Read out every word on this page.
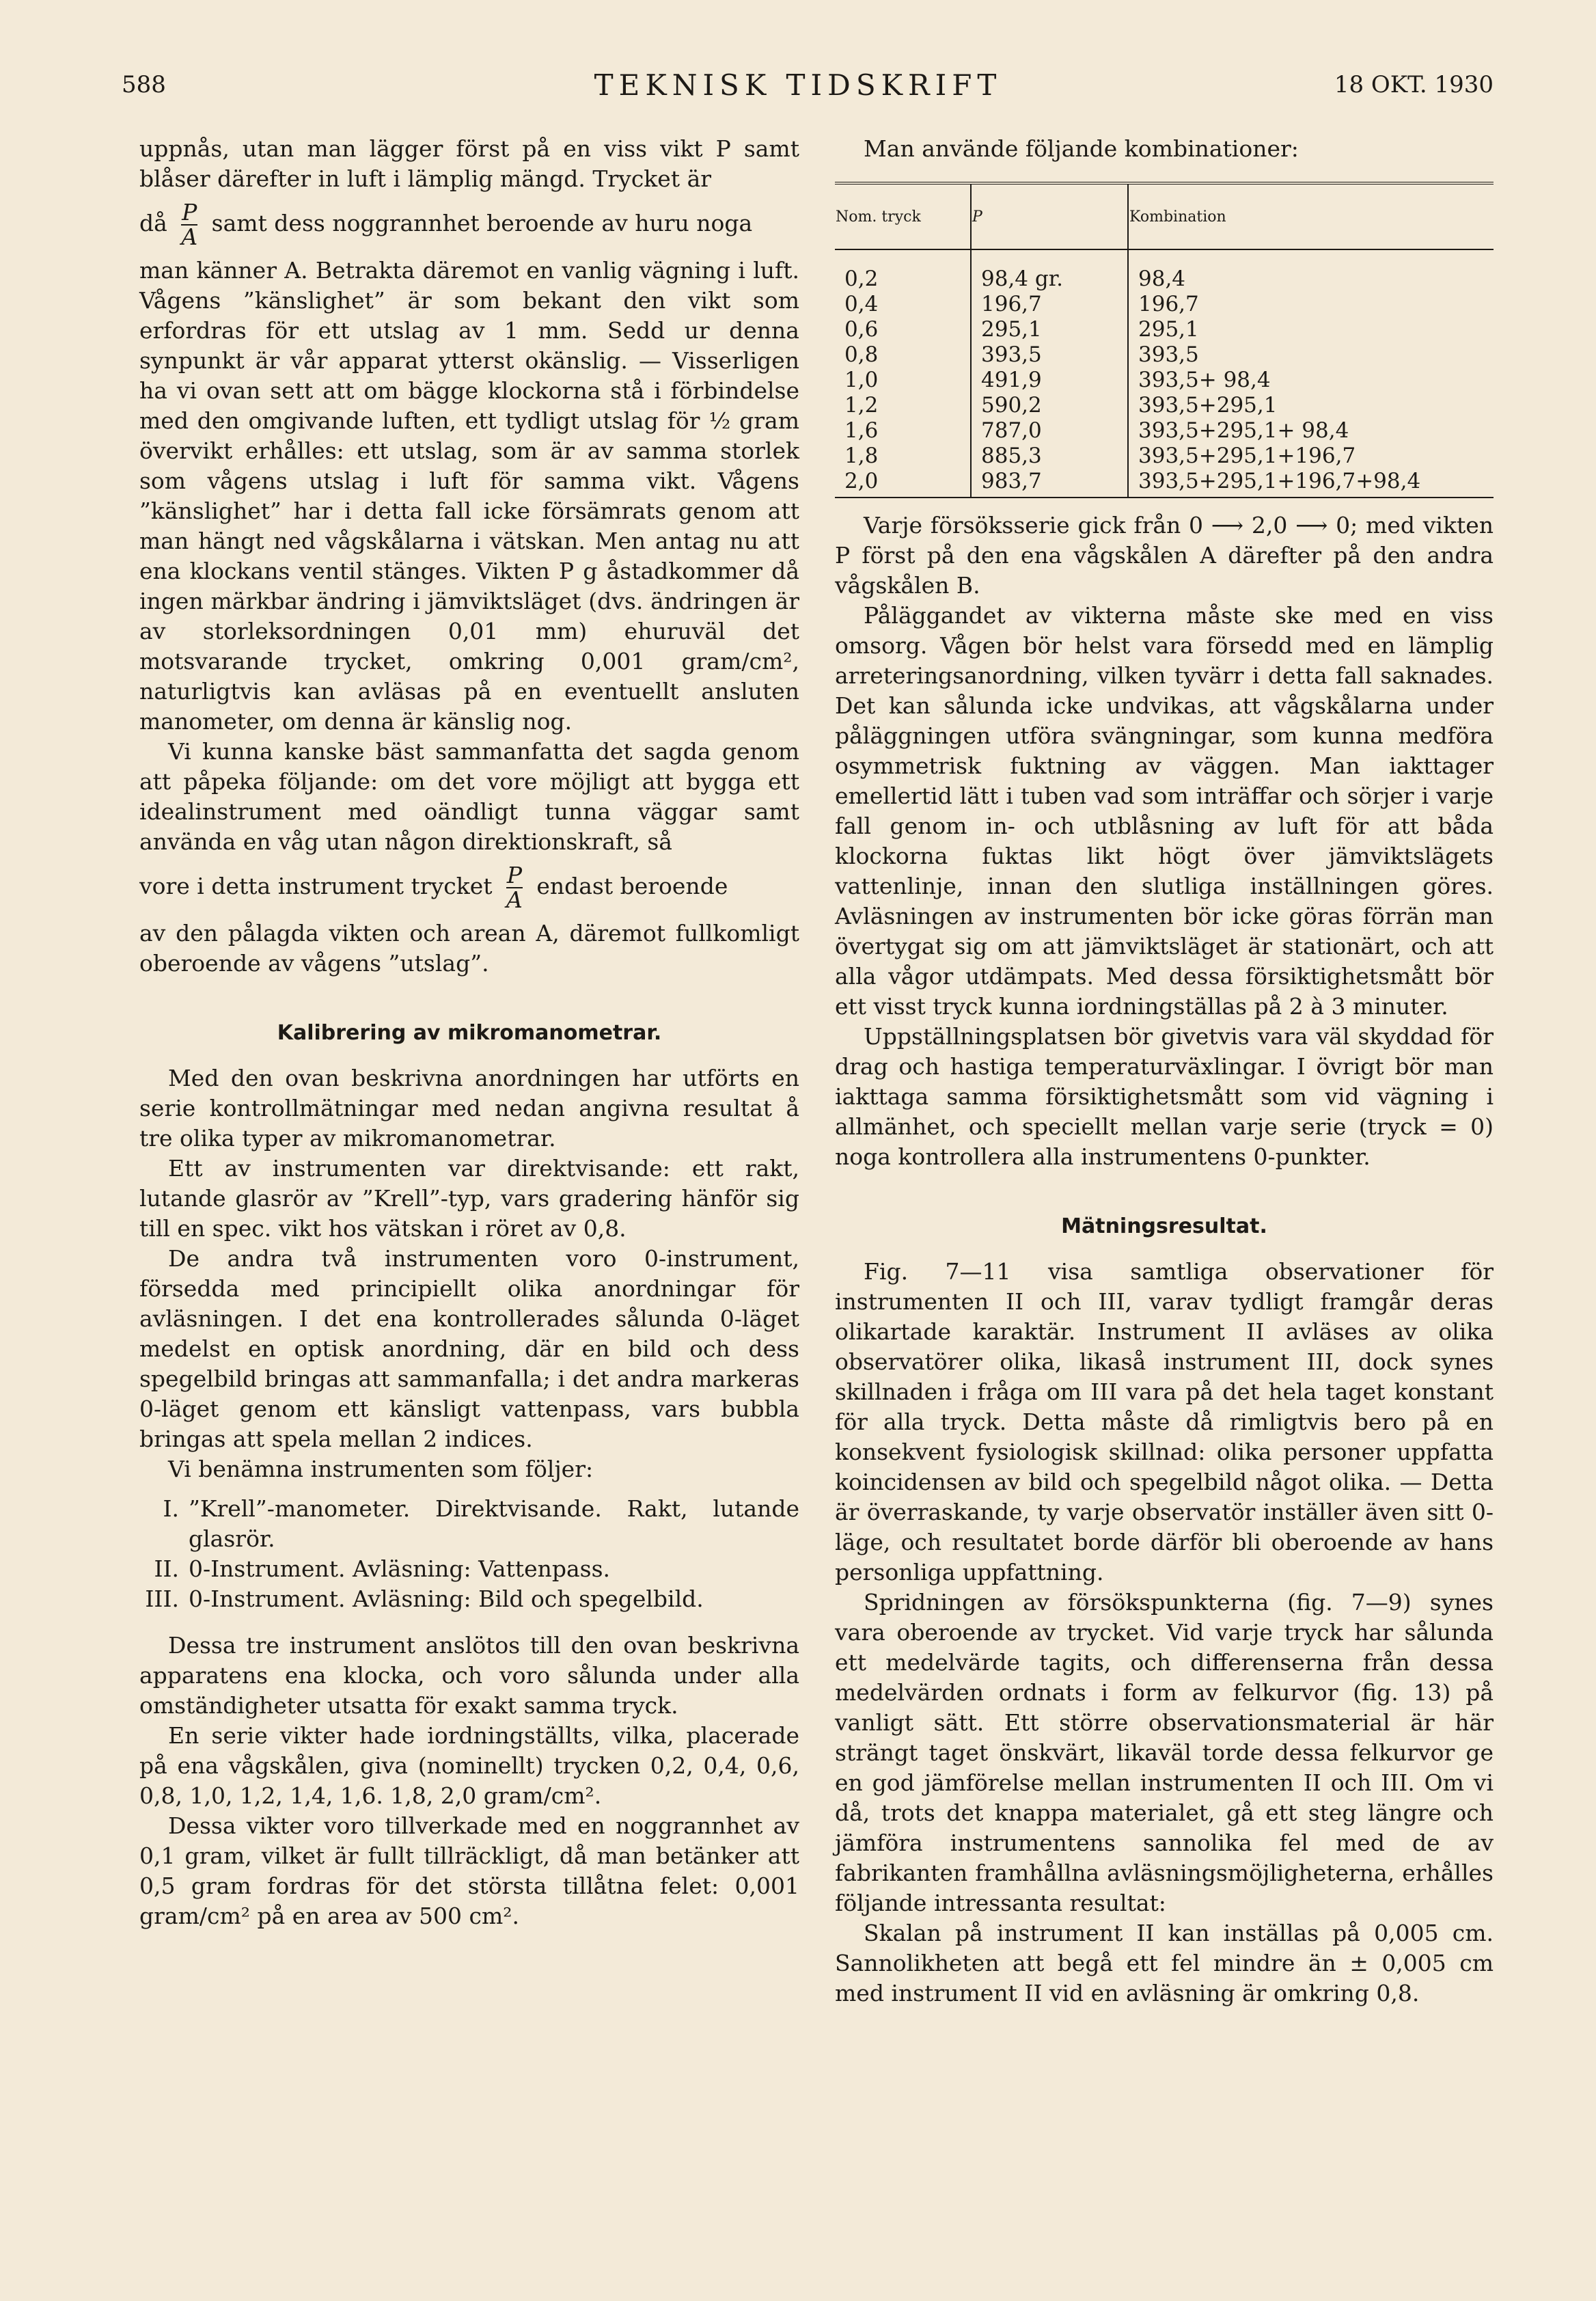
588	TEKNISK TIDSKRIFT	18 OKT. 1930

uppnås, utan man lägger först på en viss vikt P samt blåser därefter in luft i lämplig mängd. Trycket är

då $\frac{P}{A}$ samt dess noggrannhet beroende av huru noga

man känner A. Betrakta däremot en vanlig vägning i luft. Vågens ”känslighet” är som bekant den vikt som erfordras för ett utslag av 1 mm. Sedd ur denna synpunkt är vår apparat ytterst okänslig. — Visserligen ha vi ovan sett att om bägge klockorna stå i förbindelse med den omgivande luften, ett tydligt utslag för ½ gram övervikt erhålles: ett utslag, som är av samma storlek som vågens utslag i luft för samma vikt. Vågens ”känslighet” har i detta fall icke försämrats genom att man hängt ned vågskålarna i vätskan. Men antag nu att ena klockans ventil stänges. Vikten P g åstadkommer då ingen märkbar ändring i jämviktsläget (dvs. ändringen är av storleksordningen 0,01 mm) ehuruväl det motsvarande trycket, omkring 0,001 gram/cm², naturligtvis kan avläsas på en eventuellt ansluten manometer, om denna är känslig nog.

Vi kunna kanske bäst sammanfatta det sagda genom att påpeka följande: om det vore möjligt att bygga ett idealinstrument med oändligt tunna väggar samt använda en våg utan någon direktionskraft, så

vore i detta instrument trycket $\frac{P}{A}$ endast beroende

av den pålagda vikten och arean A, däremot fullkomligt oberoende av vågens ”utslag”.

Kalibrering av mikromanometrar.

Med den ovan beskrivna anordningen har utförts en serie kontrollmätningar med nedan angivna resultat å tre olika typer av mikromanometrar.

Ett av instrumenten var direktvisande: ett rakt, lutande glasrör av ”Krell”-typ, vars gradering hänför sig till en spec. vikt hos vätskan i röret av 0,8.

De andra två instrumenten voro 0-instrument, försedda med principiellt olika anordningar för avläsningen. I det ena kontrollerades sålunda 0-läget medelst en optisk anordning, där en bild och dess spegelbild bringas att sammanfalla; i det andra markeras 0-läget genom ett känsligt vattenpass, vars bubbla bringas att spela mellan 2 indices.

Vi benämna instrumenten som följer:

I. ”Krell”-manometer. Direktvisande. Rakt, lutande glasrör.
II. 0-Instrument. Avläsning: Vattenpass.
III. 0-Instrument. Avläsning: Bild och spegelbild.

Dessa tre instrument anslötos till den ovan beskrivna apparatens ena klocka, och voro sålunda under alla omständigheter utsatta för exakt samma tryck.

En serie vikter hade iordningställts, vilka, placerade på ena vågskålen, giva (nominellt) trycken 0,2, 0,4, 0,6, 0,8, 1,0, 1,2, 1,4, 1,6. 1,8, 2,0 gram/cm².

Dessa vikter voro tillverkade med en noggrannhet av 0,1 gram, vilket är fullt tillräckligt, då man betänker att 0,5 gram fordras för det största tillåtna felet: 0,001 gram/cm² på en area av 500 cm².

Man använde följande kombinationer:

Nom. tryck	P	Kombination
0,2	98,4 gr.	98,4
0,4	196,7	196,7
0,6	295,1	295,1
0,8	393,5	393,5
1,0	491,9	393,5+ 98,4
1,2	590,2	393,5+295,1
1,6	787,0	393,5+295,1+ 98,4
1,8	885,3	393,5+295,1+196,7
2,0	983,7	393,5+295,1+196,7+98,4

Varje försöksserie gick från 0 ⟶ 2,0 ⟶ 0; med vikten P först på den ena vågskålen A därefter på den andra vågskålen B.

Påläggandet av vikterna måste ske med en viss omsorg. Vågen bör helst vara försedd med en lämplig arreteringsanordning, vilken tyvärr i detta fall saknades. Det kan sålunda icke undvikas, att vågskålarna under påläggningen utföra svängningar, som kunna medföra osymmetrisk fuktning av väggen. Man iakttager emellertid lätt i tuben vad som inträffar och sörjer i varje fall genom in- och utblåsning av luft för att båda klockorna fuktas likt högt över jämviktslägets vattenlinje, innan den slutliga inställningen göres. Avläsningen av instrumenten bör icke göras förrän man övertygat sig om att jämviktsläget är stationärt, och att alla vågor utdämpats. Med dessa försiktighetsmått bör ett visst tryck kunna iordningställas på 2 à 3 minuter.

Uppställningsplatsen bör givetvis vara väl skyddad för drag och hastiga temperaturväxlingar. I övrigt bör man iakttaga samma försiktighetsmått som vid vägning i allmänhet, och speciellt mellan varje serie (tryck = 0) noga kontrollera alla instrumentens 0-punkter.

Mätningsresultat.

Fig. 7—11 visa samtliga observationer för instrumenten II och III, varav tydligt framgår deras olikartade karaktär. Instrument II avläses av olika observatörer olika, likaså instrument III, dock synes skillnaden i fråga om III vara på det hela taget konstant för alla tryck. Detta måste då rimligtvis bero på en konsekvent fysiologisk skillnad: olika personer uppfatta koincidensen av bild och spegelbild något olika. — Detta är överraskande, ty varje observatör inställer även sitt 0-läge, och resultatet borde därför bli oberoende av hans personliga uppfattning.

Spridningen av försökspunkterna (fig. 7—9) synes vara oberoende av trycket. Vid varje tryck har sålunda ett medelvärde tagits, och differenserna från dessa medelvärden ordnats i form av felkurvor (fig. 13) på vanligt sätt. Ett större observationsmaterial är här strängt taget önskvärt, likaväl torde dessa felkurvor ge en god jämförelse mellan instrumenten II och III. Om vi då, trots det knappa materialet, gå ett steg längre och jämföra instrumentens sannolika fel med de av fabrikanten framhållna avläsningsmöjligheterna, erhålles följande intressanta resultat:

Skalan på instrument II kan inställas på 0,005 cm. Sannolikheten att begå ett fel mindre än ± 0,005 cm med instrument II vid en avläsning är omkring 0,8.
